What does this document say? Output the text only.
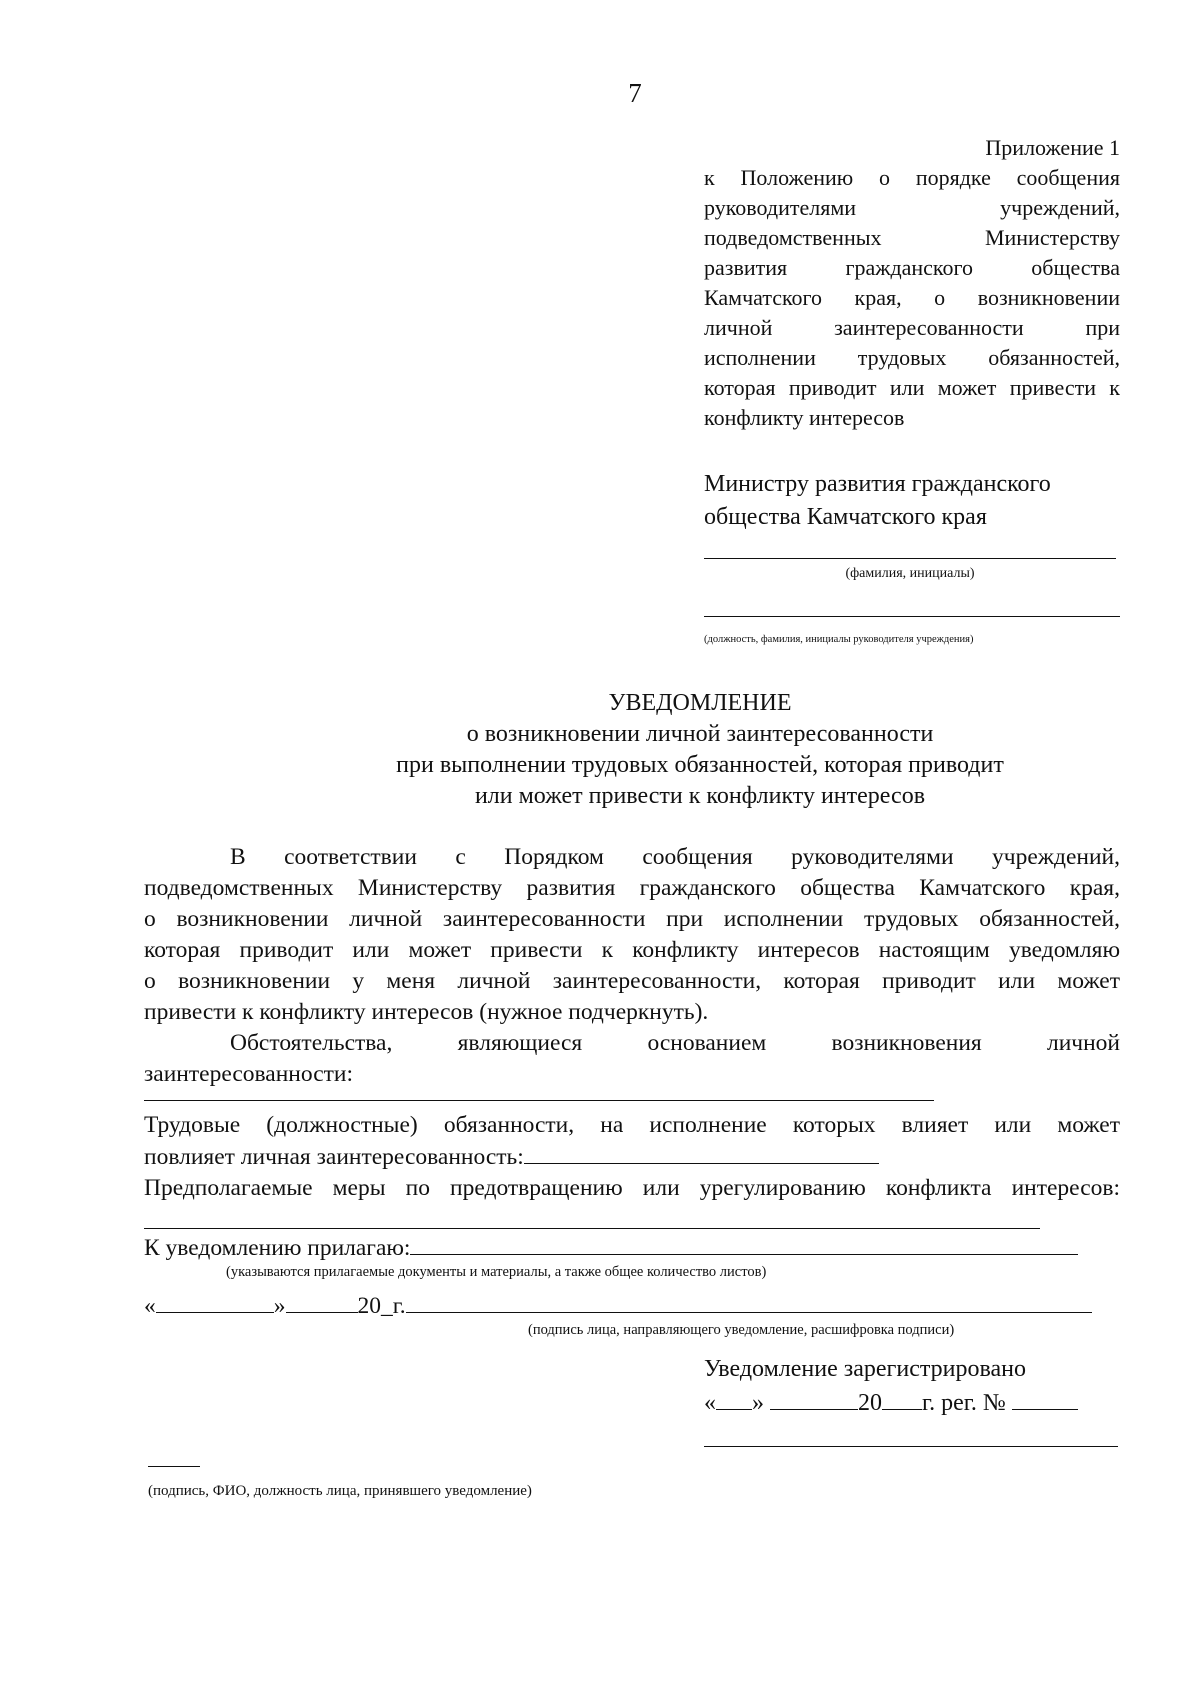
7
Приложение 1
к Положению о порядке сообщения
руководителями учреждений,
подведомственных Министерству
развития гражданского общества
Камчатского края, о возникновении
личной заинтересованности при
исполнении трудовых обязанностей,
которая приводит или может привести к
конфликту интересов
Министру развития гражданского
общества Камчатского края
(фамилия, инициалы)
(должность, фамилия, инициалы руководителя учреждения)
УВЕДОМЛЕНИЕ
о возникновении личной заинтересованности
при выполнении трудовых обязанностей, которая приводит
или может привести к конфликту интересов
В соответствии с Порядком сообщения руководителями учреждений,
подведомственных Министерству развития гражданского общества Камчатского края,
о возникновении личной заинтересованности при исполнении трудовых обязанностей,
которая приводит или может привести к конфликту интересов настоящим уведомляю
о возникновении у меня личной заинтересованности, которая приводит или может
привести к конфликту интересов (нужное подчеркнуть).
Обстоятельства, являющиеся основанием возникновения личной
заинтересованности:
Трудовые (должностные) обязанности, на исполнение которых влияет или может
повлияет личная заинтересованность:
Предполагаемые меры по предотвращению или урегулированию конфликта интересов:
К уведомлению прилагаю:
(указываются прилагаемые документы и материалы, а также общее количество листов)
«	»	20_г.
(подпись лица, направляющего уведомление, расшифровка подписи)
Уведомление зарегистрировано
« »	20 г. рег. №
(подпись, ФИО, должность лица, принявшего уведомление)
